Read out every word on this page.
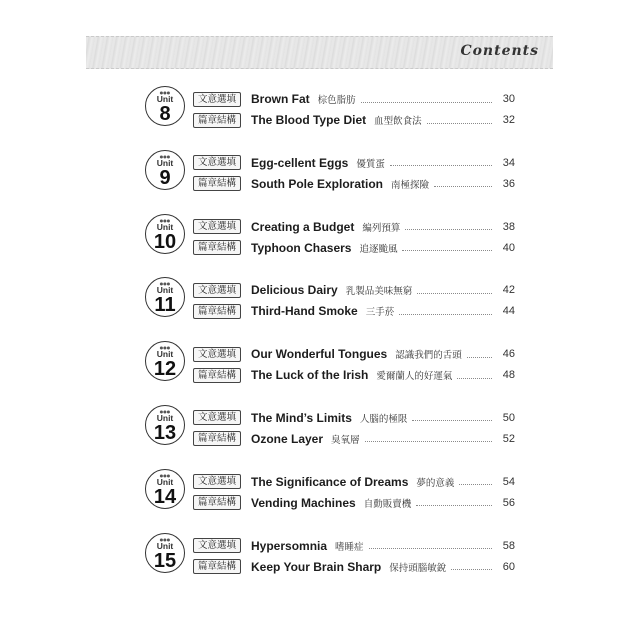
Contents
●●●
Unit
8
文意選填	Brown Fat 棕色脂肪	30
篇章結構	The Blood Type Diet 血型飲食法	32
●●●
Unit
9
文意選填	Egg-cellent Eggs 優質蛋	34
篇章結構	South Pole Exploration 南極探險	36
●●●
Unit
10
文意選填	Creating a Budget 編列預算	38
篇章結構	Typhoon Chasers 追逐颱風	40
●●●
Unit
11
文意選填	Delicious Dairy 乳製品美味無窮	42
篇章結構	Third-Hand Smoke 三手菸	44
●●●
Unit
12
文意選填	Our Wonderful Tongues 認識我們的舌頭	46
篇章結構	The Luck of the Irish 愛爾蘭人的好運氣	48
●●●
Unit
13
文意選填	The Mind’s Limits 人腦的極限	50
篇章結構	Ozone Layer 臭氧層	52
●●●
Unit
14
文意選填	The Significance of Dreams 夢的意義	54
篇章結構	Vending Machines 自動販賣機	56
●●●
Unit
15
文意選填	Hypersomnia 嗜睡症	58
篇章結構	Keep Your Brain Sharp 保持頭腦敏銳	60
